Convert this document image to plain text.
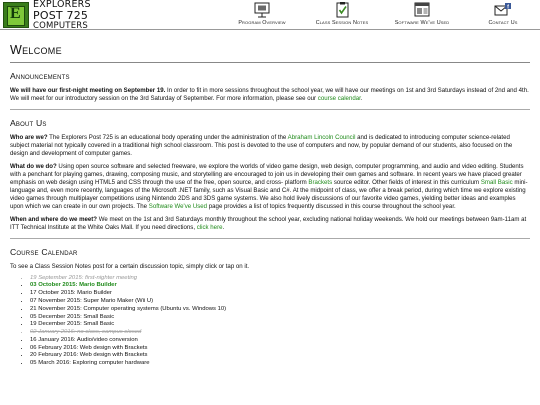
E
EXPLORERS
POST 725
COMPUTERS	Program Overview	Class Session Notes	Software We've Used
f
Contact Us
Welcome
Announcements

We will have our first-night meeting on September 19. In order to fit in more sessions throughout the school year, we will have our meetings on 1st and 3rd Saturdays instead of 2nd and 4th. We will meet for our introductory session on the 3rd Saturday of September. For more information, please see our course calendar.

About Us

Who are we? The Explorers Post 725 is an educational body operating under the administration of the Abraham Lincoln Council and is dedicated to introducing computer science-related subject material not typically covered in a traditional high school classroom. This post is devoted to the use of computers and now, by popular demand of our students, also focused on the design and development of computer games.

What do we do? Using open source software and selected freeware, we explore the worlds of video game design, web design, computer programming, and audio and video editing. Students with a penchant for playing games, drawing, composing music, and storytelling are encouraged to join us in developing their own games and software. In recent years we have placed greater emphasis on web design using HTML5 and CSS through the use of the free, open source, and cross- platform Brackets source editor. Other fields of interest in this curriculum Small Basic mini-language and, even more recently, languages of the Microsoft .NET family, such as Visual Basic and C#. At the midpoint of class, we offer a break period, during which time we explore existing video games through multiplayer competitions using Nintendo 2DS and 3DS game systems. We also hold lively discussions of our favorite video games, yielding better ideas and examples upon which we can create in our own projects. The Software We've Used page provides a list of topics frequently discussed in this course throughout the school year.

When and where do we meet? We meet on the 1st and 3rd Saturdays monthly throughout the school year, excluding national holiday weekends. We hold our meetings between 9am-11am at ITT Technical Institute at the White Oaks Mall. If you need directions, click here.

Course Calendar

To see a Class Session Notes post for a certain discussion topic, simply click or tap on it.

• 19 September 2015: first-nighter meeting
• 03 October 2015: Mario Builder
• 17 October 2015: Mario Builder
• 07 November 2015: Super Mario Maker (Wii U)
• 21 November 2015: Computer operating systems (Ubuntu vs. Windows 10)
• 05 December 2015: Small Basic
• 19 December 2015: Small Basic
• 02 January 2016: no class, campus closed
• 16 January 2016: Audio/video conversion
• 06 February 2016: Web design with Brackets
• 20 February 2016: Web design with Brackets
• 05 March 2016: Exploring computer hardware
